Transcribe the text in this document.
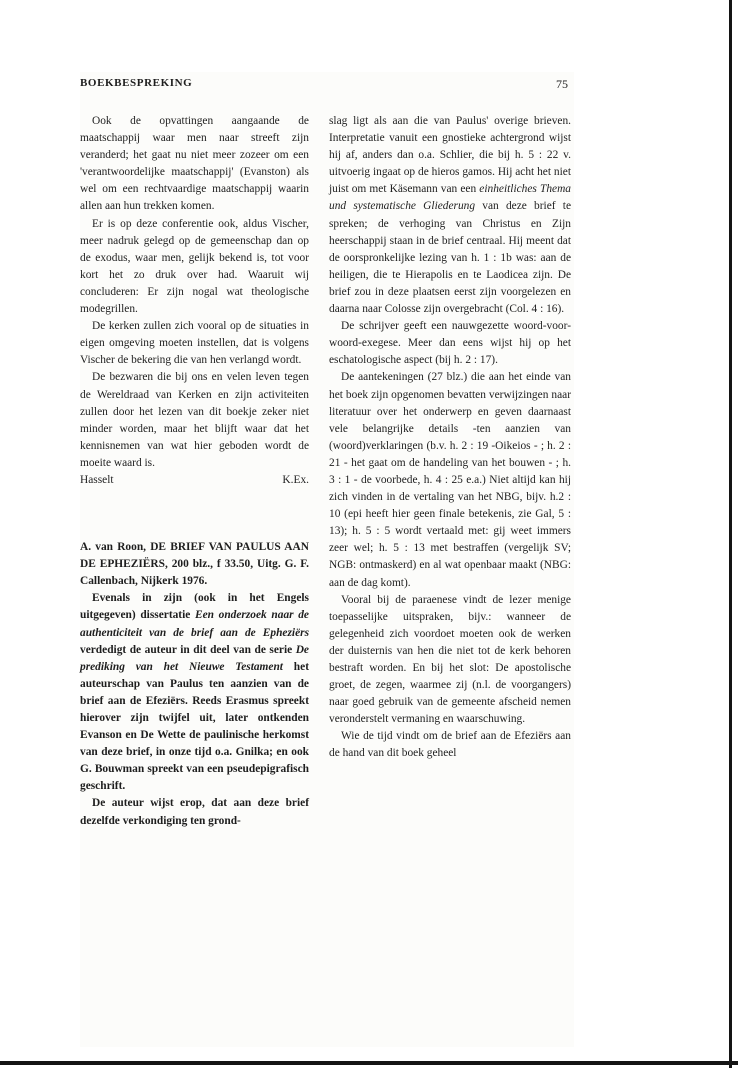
BOEKBESPREKING	75

Ook de opvattingen aangaande de maatschappij waar men naar streeft zijn veranderd; het gaat nu niet meer zozeer om een 'verantwoordelijke maatschappij' (Evanston) als wel om een rechtvaardige maatschappij waarin allen aan hun trekken komen.

Er is op deze conferentie ook, aldus Vischer, meer nadruk gelegd op de gemeenschap dan op de exodus, waar men, gelijk bekend is, tot voor kort het zo druk over had. Waaruit wij concluderen: Er zijn nogal wat theologische modegrillen.

De kerken zullen zich vooral op de situaties in eigen omgeving moeten instellen, dat is volgens Vischer de bekering die van hen verlangd wordt.

De bezwaren die bij ons en velen leven tegen de Wereldraad van Kerken en zijn activiteiten zullen door het lezen van dit boekje zeker niet minder worden, maar het blijft waar dat het kennisnemen van wat hier geboden wordt de moeite waard is.

Hasselt	K.Ex.

A. van Roon, DE BRIEF VAN PAULUS AAN DE EPHEZIËRS, 200 blz., f 33.50, Uitg. G. F. Callenbach, Nijkerk 1976.

Evenals in zijn (ook in het Engels uitgegeven) dissertatie Een onderzoek naar de authenticiteit van de brief aan de Epheziërs verdedigt de auteur in dit deel van de serie De prediking van het Nieuwe Testament het auteurschap van Paulus ten aanzien van de brief aan de Efeziërs. Reeds Erasmus spreekt hierover zijn twijfel uit, later ontkenden Evanson en De Wette de paulinische herkomst van deze brief, in onze tijd o.a. Gnilka; en ook G. Bouwman spreekt van een pseudepigrafisch geschrift.

De auteur wijst erop, dat aan deze brief dezelfde verkondiging ten grond-

slag ligt als aan die van Paulus' overige brieven. Interpretatie vanuit een gnostieke achtergrond wijst hij af, anders dan o.a. Schlier, die bij h. 5 : 22 v. uitvoerig ingaat op de hieros gamos. Hij acht het niet juist om met Käsemann van een einheitliches Thema und systematische Gliederung van deze brief te spreken; de verhoging van Christus en Zijn heerschappij staan in de brief centraal. Hij meent dat de oorspronkelijke lezing van h. 1 : 1b was: aan de heiligen, die te Hierapolis en te Laodicea zijn. De brief zou in deze plaatsen eerst zijn voorgelezen en daarna naar Colosse zijn overgebracht (Col. 4 : 16).

De schrijver geeft een nauwgezette woord-voor-woord-exegese. Meer dan eens wijst hij op het eschatologische aspect (bij h. 2 : 17).

De aantekeningen (27 blz.) die aan het einde van het boek zijn opgenomen bevatten verwijzingen naar literatuur over het onderwerp en geven daarnaast vele belangrijke details -ten aanzien van (woord)verklaringen (b.v. h. 2 : 19 -Oikeios - ; h. 2 : 21 - het gaat om de handeling van het bouwen - ; h. 3 : 1 - de voorbede, h. 4 : 25 e.a.) Niet altijd kan hij zich vinden in de vertaling van het NBG, bijv. h.2 : 10 (epi heeft hier geen finale betekenis, zie Gal, 5 : 13); h. 5 : 5 wordt vertaald met: gij weet immers zeer wel; h. 5 : 13 met bestraffen (vergelijk SV; NGB: ontmaskerd) en al wat openbaar maakt (NBG: aan de dag komt).

Vooral bij de paraenese vindt de lezer menige toepasselijke uitspraken, bijv.: wanneer de gelegenheid zich voordoet moeten ook de werken der duisternis van hen die niet tot de kerk behoren bestraft worden. En bij het slot: De apostolische groet, de zegen, waarmee zij (n.l. de voorgangers) naar goed gebruik van de gemeente afscheid nemen veronderstelt vermaning en waarschuwing.

Wie de tijd vindt om de brief aan de Efeziërs aan de hand van dit boek geheel
